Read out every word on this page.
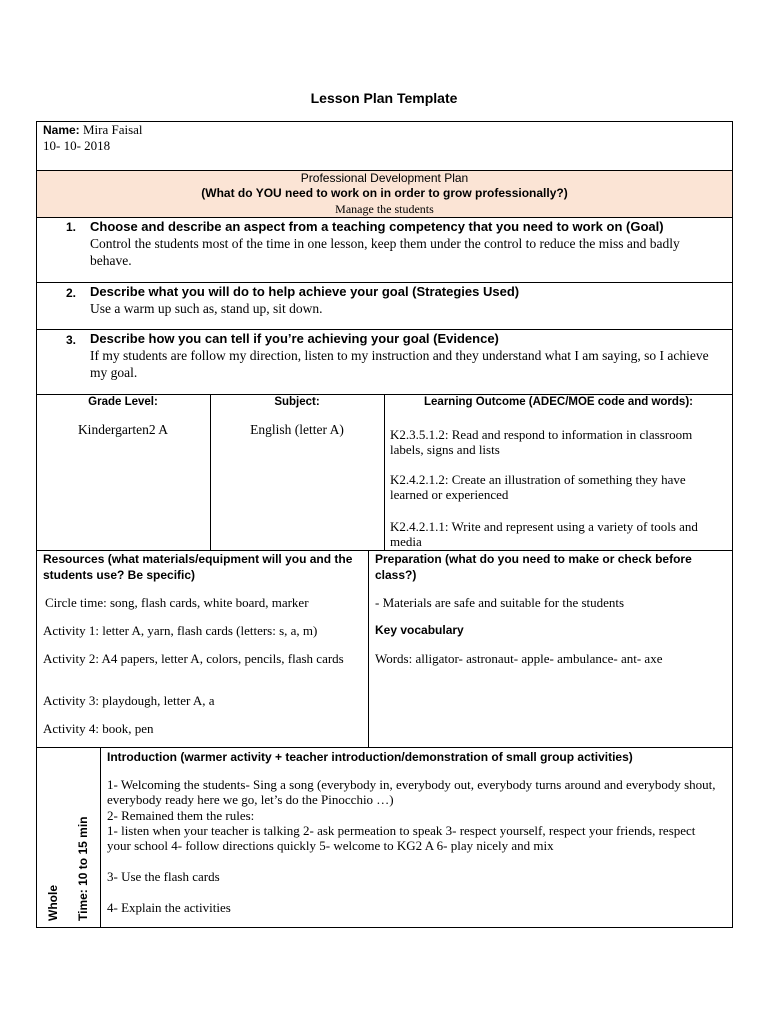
Lesson Plan Template
Name: Mira Faisal
10- 10- 2018
Professional Development Plan
(What do YOU need to work on in order to grow professionally?)
Manage the students
1. Choose and describe an aspect from a teaching competency that you need to work on (Goal)
Control the students most of the time in one lesson, keep them under the control to reduce the miss and badly behave.
2. Describe what you will do to help achieve your goal (Strategies Used)
Use a warm up such as, stand up, sit down.
3. Describe how you can tell if you’re achieving your goal (Evidence)
If my students are follow my direction, listen to my instruction and they understand what I am saying, so I achieve my goal.
Grade Level:
Kindergarten2 A
Subject:
English (letter A)
Learning Outcome (ADEC/MOE code and words):
K2.3.5.1.2: Read and respond to information in classroom labels, signs and lists
K2.4.2.1.2: Create an illustration of something they have learned or experienced
K2.4.2.1.1: Write and represent using a variety of tools and media
Resources (what materials/equipment will you and the students use? Be specific)
Circle time: song, flash cards, white board, marker
Activity 1: letter A, yarn, flash cards (letters: s, a, m)
Activity 2: A4 papers, letter A, colors, pencils, flash cards
Activity 3: playdough, letter A, a
Activity 4: book, pen
Preparation (what do you need to make or check before class?)
- Materials are safe and suitable for the students
Key vocabulary
Words: alligator- astronaut- apple- ambulance- ant- axe
Whole Time: 10 to 15 min
Introduction (warmer activity + teacher introduction/demonstration of small group activities)
1- Welcoming the students- Sing a song (everybody in, everybody out, everybody turns around and everybody shout, everybody ready here we go, let’s do the Pinocchio …)
2- Remained them the rules:
1- listen when your teacher is talking 2- ask permeation to speak 3- respect yourself, respect your friends, respect your school 4- follow directions quickly 5- welcome to KG2 A 6- play nicely and mix
3- Use the flash cards
4- Explain the activities
